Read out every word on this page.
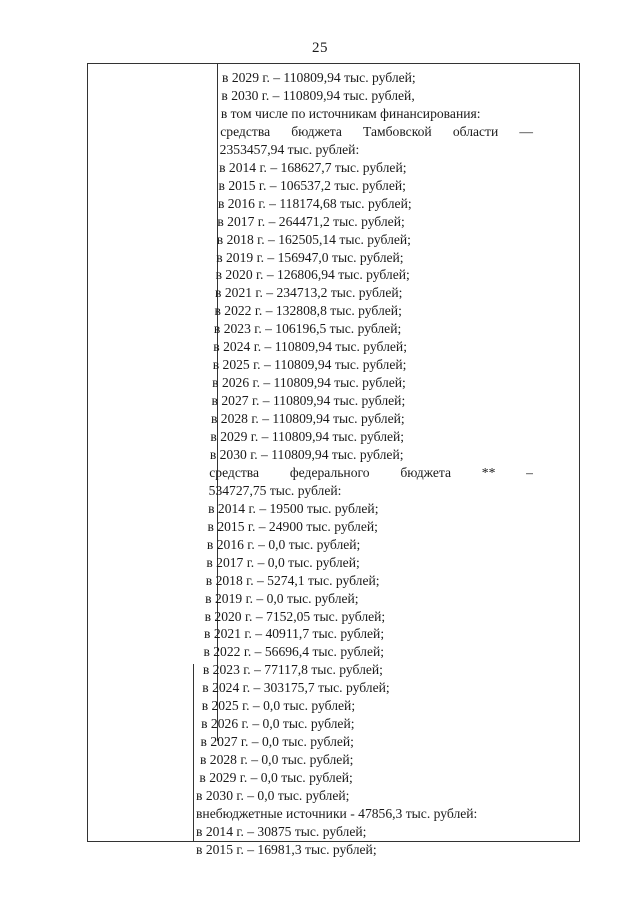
25
в 2029 г. – 110809,94 тыс. рублей;
в 2030 г. – 110809,94 тыс. рублей,
в том числе по источникам финансирования:
средства бюджета Тамбовской области —
2353457,94 тыс. рублей:
в 2014 г. – 168627,7 тыс. рублей;
в 2015 г. – 106537,2 тыс. рублей;
в 2016 г. – 118174,68 тыс. рублей;
в 2017 г. – 264471,2 тыс. рублей;
в 2018 г. – 162505,14 тыс. рублей;
в 2019 г. – 156947,0 тыс. рублей;
в 2020 г. – 126806,94 тыс. рублей;
в 2021 г. – 234713,2 тыс. рублей;
в 2022 г. – 132808,8 тыс. рублей;
в 2023 г. – 106196,5 тыс. рублей;
в 2024 г. – 110809,94 тыс. рублей;
в 2025 г. – 110809,94 тыс. рублей;
в 2026 г. – 110809,94 тыс. рублей;
в 2027 г. – 110809,94 тыс. рублей;
в 2028 г. – 110809,94 тыс. рублей;
в 2029 г. – 110809,94 тыс. рублей;
в 2030 г. – 110809,94 тыс. рублей;
средства федерального бюджета ** –
534727,75 тыс. рублей:
в 2014 г. – 19500 тыс. рублей;
в 2015 г. – 24900 тыс. рублей;
в 2016 г. – 0,0 тыс. рублей;
в 2017 г. – 0,0 тыс. рублей;
в 2018 г. – 5274,1 тыс. рублей;
в 2019 г. – 0,0 тыс. рублей;
в 2020 г. – 7152,05 тыс. рублей;
в 2021 г. – 40911,7 тыс. рублей;
в 2022 г. – 56696,4 тыс. рублей;
в 2023 г. – 77117,8 тыс. рублей;
в 2024 г. – 303175,7 тыс. рублей;
в 2025 г. – 0,0 тыс. рублей;
в 2026 г. – 0,0 тыс. рублей;
в 2027 г. – 0,0 тыс. рублей;
в 2028 г. – 0,0 тыс. рублей;
в 2029 г. – 0,0 тыс. рублей;
в 2030 г. – 0,0 тыс. рублей;
внебюджетные источники - 47856,3 тыс. рублей:
в 2014 г. – 30875 тыс. рублей;
в 2015 г. – 16981,3 тыс. рублей;
